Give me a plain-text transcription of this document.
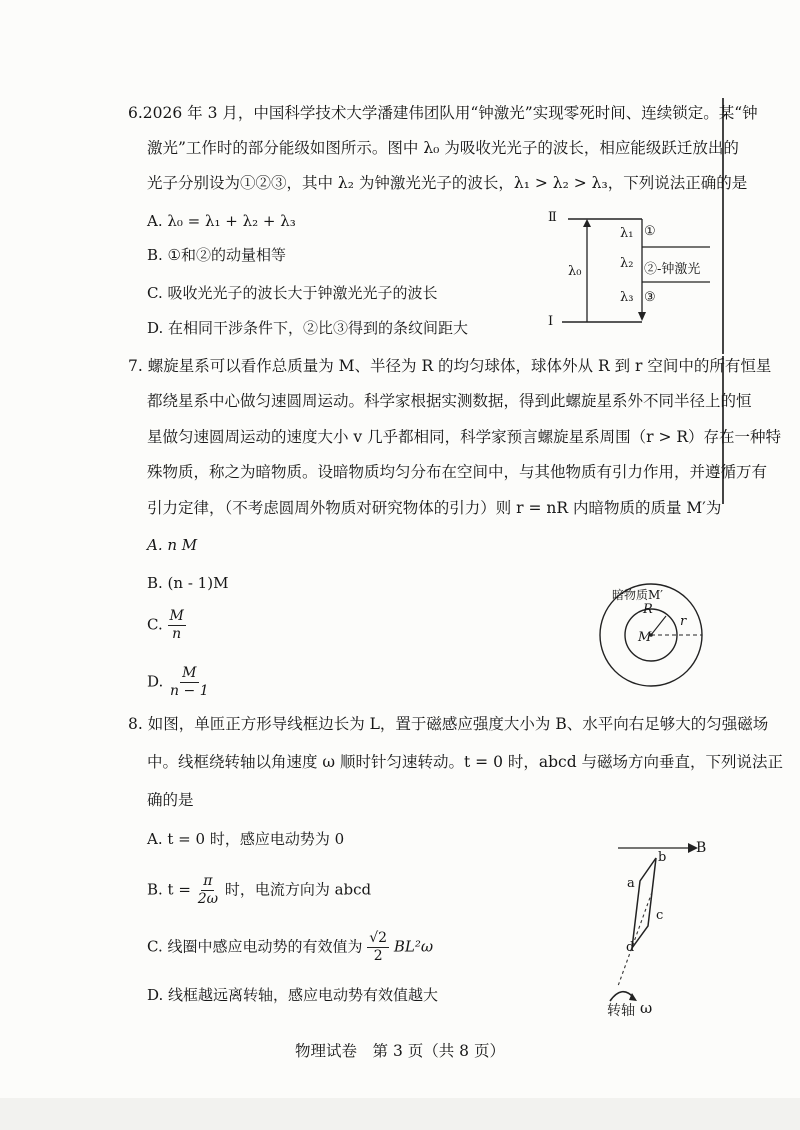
6.2026 年 3 月，中国科学技术大学潘建伟团队用“钟激光”实现零死时间、连续锁定。某“钟
激光”工作时的部分能级如图所示。图中 λ₀ 为吸收光光子的波长，相应能级跃迁放出的
光子分别设为①②③，其中 λ₂ 为钟激光光子的波长，λ₁ > λ₂ > λ₃，下列说法正确的是
A. λ₀ = λ₁ + λ₂ + λ₃
B. ①和②的动量相等
C. 吸收光光子的波长大于钟激光光子的波长
D. 在相同干涉条件下，②比③得到的条纹间距大
Ⅱ
Ⅰ
λ₀
λ₁
λ₂
λ₃
①
②-钟激光
③
7. 螺旋星系可以看作总质量为 M、半径为 R 的均匀球体，球体外从 R 到 r 空间中的所有恒星
都绕星系中心做匀速圆周运动。科学家根据实测数据，得到此螺旋星系外不同半径上的恒
星做匀速圆周运动的速度大小 v 几乎都相同，科学家预言螺旋星系周围（r > R）存在一种特
殊物质，称之为暗物质。设暗物质均匀分布在空间中，与其他物质有引力作用，并遵循万有
引力定律，（不考虑圆周外物质对研究物体的引力）则 r = nR 内暗物质的质量 M′为
A. n M
B. (n - 1)M
C. $\frac{M}{n}$
D. $\frac{M}{n - 1}$
暗物质M′
R
M
r
8. 如图，单匝正方形导线框边长为 L，置于磁感应强度大小为 B、水平向右足够大的匀强磁场
中。线框绕转轴以角速度 ω 顺时针匀速转动。t = 0 时，abcd 与磁场方向垂直，下列说法正
确的是
A. t = 0 时，感应电动势为 0
B. $t = \frac{\pi}{2\omega}$ 时，电流方向为 abcd
C. 线圈中感应电动势的有效值为 $\frac{√2}{2} BL^2\omega$
D. 线框越远离转轴，感应电动势有效值越大
B
a
b
c
d
转轴 ω
物理试卷　第 3 页（共 8 页）
